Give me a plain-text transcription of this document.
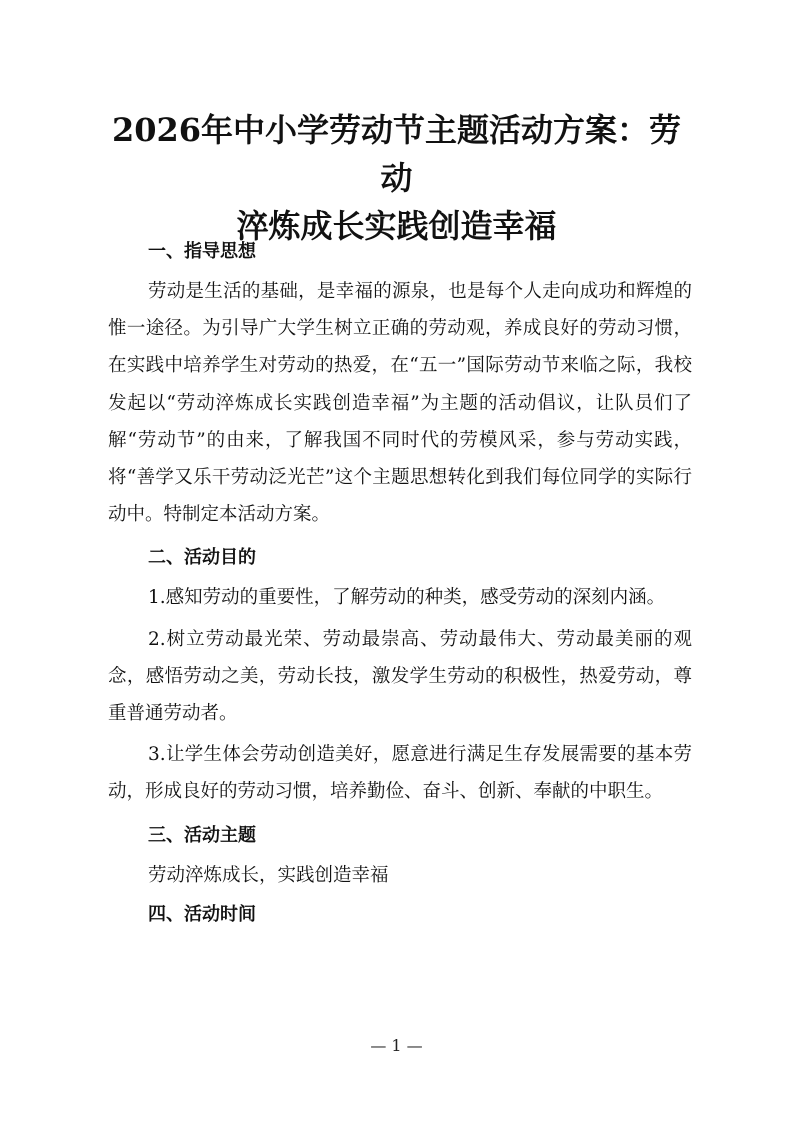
2026年中小学劳动节主题活动方案：劳动
淬炼成长实践创造幸福
一、指导思想

劳动是生活的基础，是幸福的源泉，也是每个人走向成功和辉煌的惟一途径。为引导广大学生树立正确的劳动观，养成良好的劳动习惯，在实践中培养学生对劳动的热爱，在“五一”国际劳动节来临之际，我校发起以“劳动淬炼成长实践创造幸福”为主题的活动倡议，让队员们了解“劳动节”的由来，了解我国不同时代的劳模风采，参与劳动实践，将“善学又乐干劳动泛光芒”这个主题思想转化到我们每位同学的实际行动中。特制定本活动方案。

二、活动目的

1.感知劳动的重要性，了解劳动的种类，感受劳动的深刻内涵。

2.树立劳动最光荣、劳动最崇高、劳动最伟大、劳动最美丽的观念，感悟劳动之美，劳动长技，激发学生劳动的积极性，热爱劳动，尊重普通劳动者。

3.让学生体会劳动创造美好，愿意进行满足生存发展需要的基本劳动，形成良好的劳动习惯，培养勤俭、奋斗、创新、奉献的中职生。

三、活动主题

劳动淬炼成长，实践创造幸福

四、活动时间
— 1 —
